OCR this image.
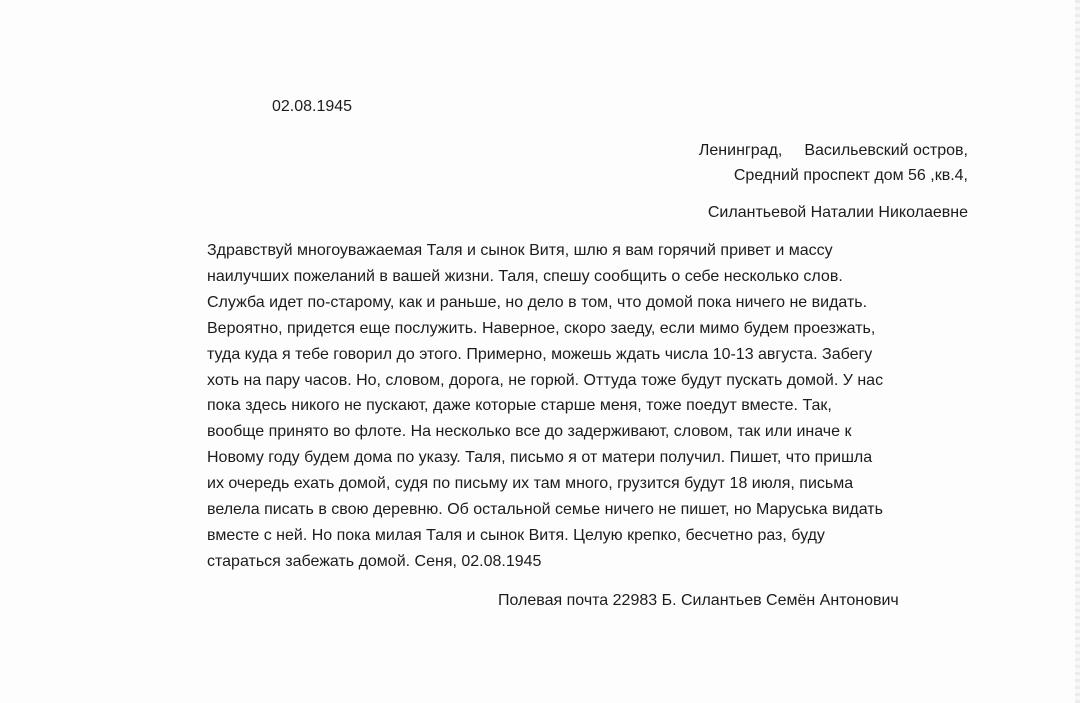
02.08.1945
Ленинград, Васильевский остров,
Средний проспект дом 56 ,кв.4,
Силантьевой Наталии Николаевне
Здравствуй многоуважаемая Таля и сынок Витя, шлю я вам горячий привет и массу
наилучших пожеланий в вашей жизни. Таля, спешу сообщить о себе несколько слов.
Служба идет по-старому, как и раньше, но дело в том, что домой пока ничего не видать.
Вероятно, придется еще послужить. Наверное, скоро заеду, если мимо будем проезжать,
туда куда я тебе говорил до этого. Примерно, можешь ждать числа 10-13 августа. Забегу
хоть на пару часов. Но, словом, дорога, не горюй. Оттуда тоже будут пускать домой. У нас
пока здесь никого не пускают, даже которые старше меня, тоже поедут вместе. Так,
вообще принято во флоте. На несколько все до задерживают, словом, так или иначе к
Новому году будем дома по указу. Таля, письмо я от матери получил. Пишет, что пришла
их очередь ехать домой, судя по письму их там много, грузится будут 18 июля, письма
велела писать в свою деревню. Об остальной семье ничего не пишет, но Маруська видать
вместе с ней. Но пока милая Таля и сынок Витя. Целую крепко, бесчетно раз, буду
стараться забежать домой. Сеня, 02.08.1945
Полевая почта 22983 Б. Силантьев Семён Антонович
